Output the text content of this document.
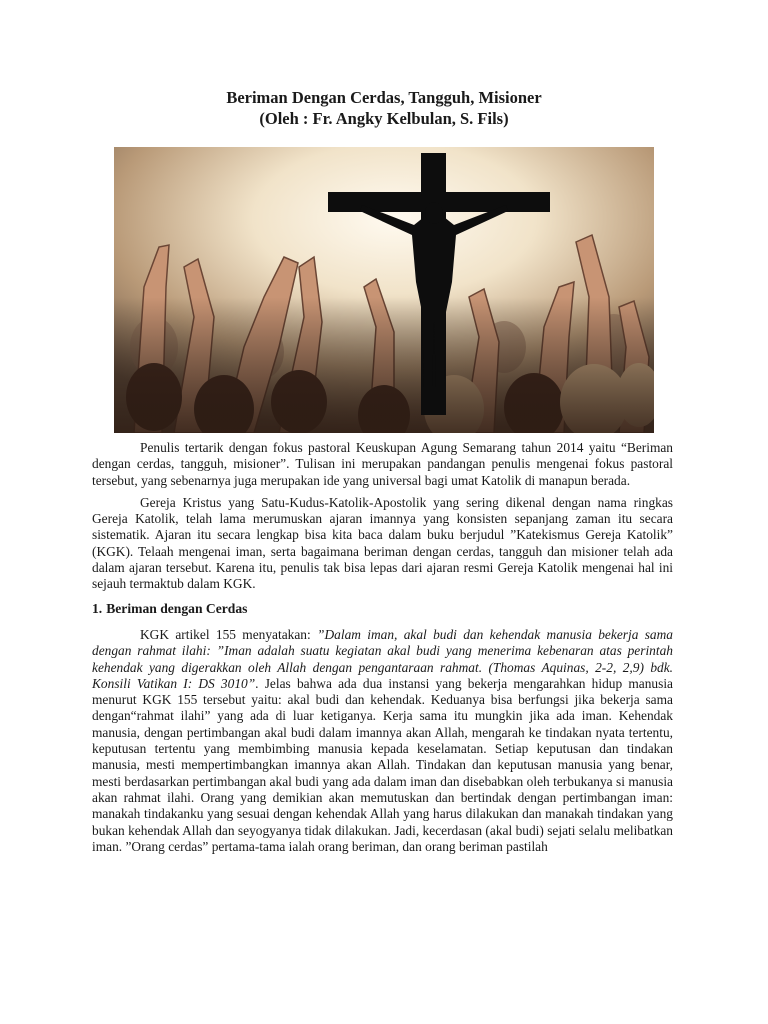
Beriman Dengan Cerdas, Tangguh, Misioner
(Oleh : Fr. Angky Kelbulan, S. Fils)

Penulis tertarik dengan fokus pastoral Keuskupan Agung Semarang tahun 2014 yaitu “Beriman dengan cerdas, tangguh, misioner”. Tulisan ini merupakan pandangan penulis mengenai fokus pastoral tersebut, yang sebenarnya juga merupakan ide yang universal bagi umat Katolik di manapun berada.

Gereja Kristus yang Satu-Kudus-Katolik-Apostolik yang sering dikenal dengan nama ringkas Gereja Katolik, telah lama merumuskan ajaran imannya yang konsisten sepanjang zaman itu secara sistematik. Ajaran itu secara lengkap bisa kita baca dalam buku berjudul ”Katekismus Gereja Katolik” (KGK). Telaah mengenai iman, serta bagaimana beriman dengan cerdas, tangguh dan misioner telah ada dalam ajaran tersebut. Karena itu, penulis tak bisa lepas dari ajaran resmi Gereja Katolik mengenai hal ini sejauh termaktub dalam KGK.

1. Beriman dengan Cerdas

KGK artikel 155 menyatakan: ”Dalam iman, akal budi dan kehendak manusia bekerja sama dengan rahmat ilahi: ”Iman adalah suatu kegiatan akal budi yang menerima kebenaran atas perintah kehendak yang digerakkan oleh Allah dengan pengantaraan rahmat. (Thomas Aquinas, 2-2, 2,9) bdk. Konsili Vatikan I: DS 3010”. Jelas bahwa ada dua instansi yang bekerja mengarahkan hidup manusia menurut KGK 155 tersebut yaitu: akal budi dan kehendak. Keduanya bisa berfungsi jika bekerja sama dengan“rahmat ilahi” yang ada di luar ketiganya. Kerja sama itu mungkin jika ada iman. Kehendak manusia, dengan pertimbangan akal budi dalam imannya akan Allah, mengarah ke tindakan nyata tertentu, keputusan tertentu yang membimbing manusia kepada keselamatan. Setiap keputusan dan tindakan manusia, mesti mempertimbangkan imannya akan Allah. Tindakan dan keputusan manusia yang benar, mesti berdasarkan pertimbangan akal budi yang ada dalam iman dan disebabkan oleh terbukanya si manusia akan rahmat ilahi. Orang yang demikian akan memutuskan dan bertindak dengan pertimbangan iman: manakah tindakanku yang sesuai dengan kehendak Allah yang harus dilakukan dan manakah tindakan yang bukan kehendak Allah dan seyogyanya tidak dilakukan. Jadi, kecerdasan (akal budi) sejati selalu melibatkan iman. ”Orang cerdas” pertama-tama ialah orang beriman, dan orang beriman pastilah
